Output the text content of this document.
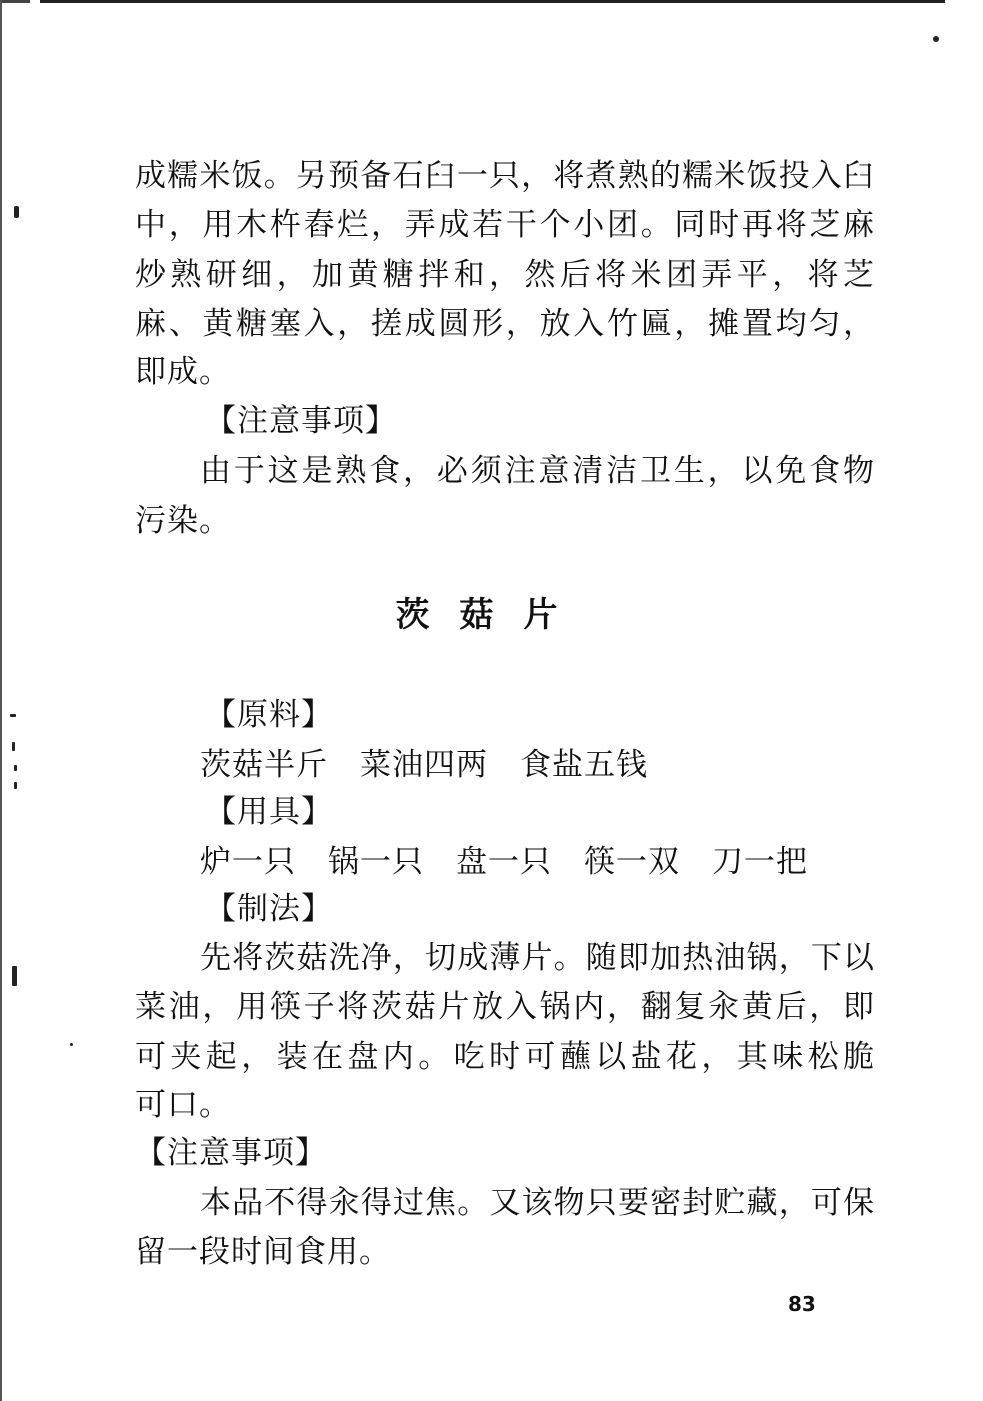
成糯米饭。另预备石臼一只，将煮熟的糯米饭投入臼
中，用木杵舂烂，弄成若干个小团。同时再将芝麻
炒熟研细，加黄糖拌和，然后将米团弄平，将芝
麻、黄糖塞入，搓成圆形，放入竹匾，摊置均匀，
即成。
【注意事项】
由于这是熟食，必须注意清洁卫生，以免食物
污染。
茨菇片
【原料】
茨菇半斤　菜油四两　食盐五钱
【用具】
炉一只　锅一只　盘一只　筷一双　刀一把
【制法】
先将茨菇洗净，切成薄片。随即加热油锅，下以
菜油，用筷子将茨菇片放入锅内，翻复汆黄后，即
可夹起，装在盘内。吃时可蘸以盐花，其味松脆
可口。
【注意事项】
本品不得汆得过焦。又该物只要密封贮藏，可保
留一段时间食用。
83
